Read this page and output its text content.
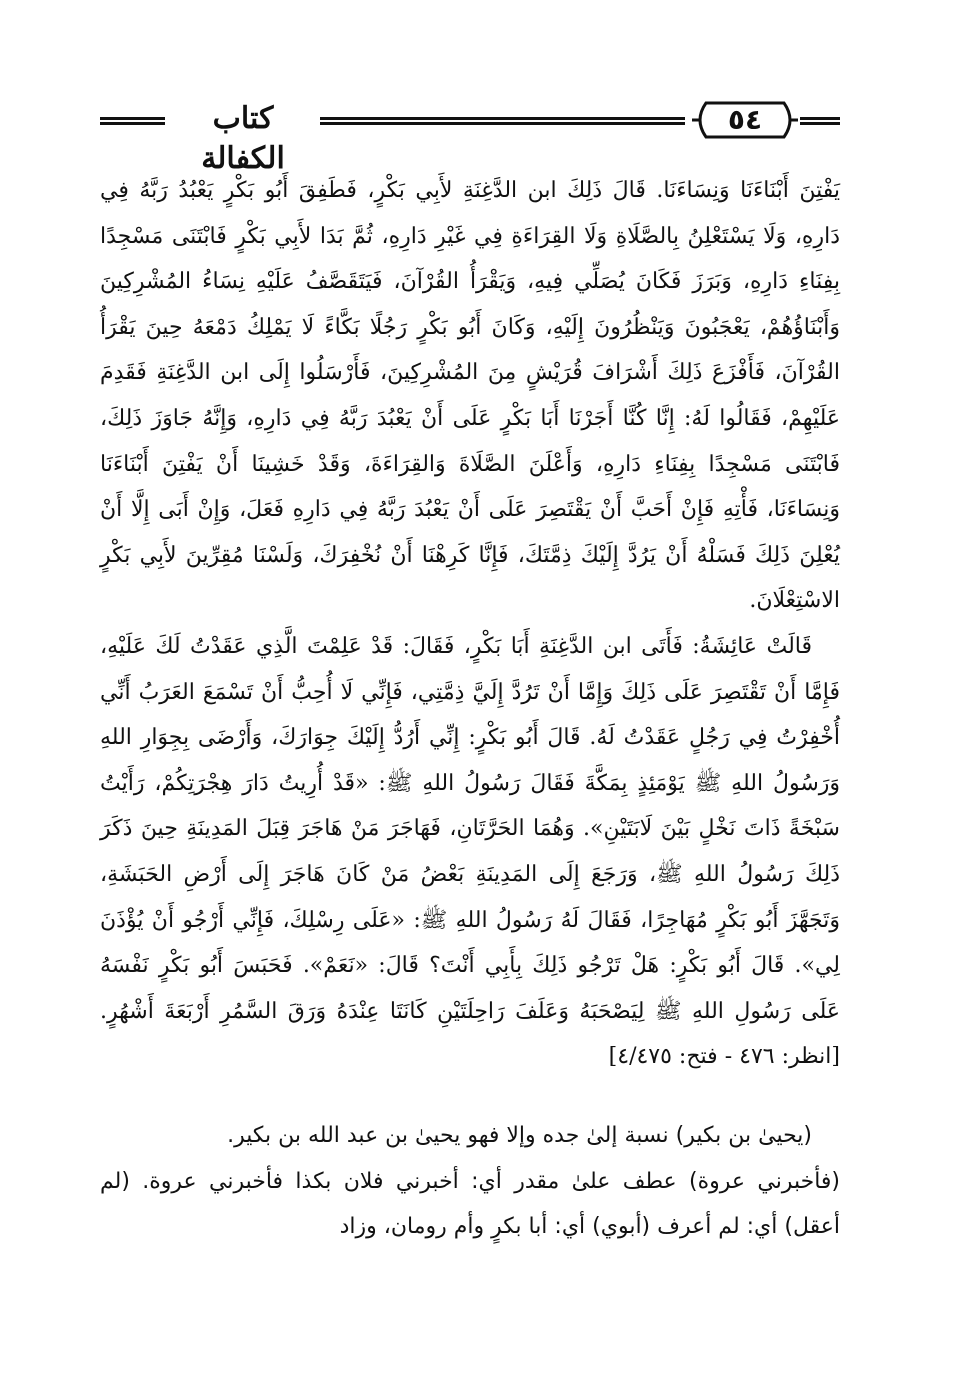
كتاب الكفالة
٥٤

يَفْتِنَ أَبْنَاءَنَا وَنِسَاءَنَا. قَالَ ذَلِكَ ابن الدَّغِنَةِ لأَبِي بَكْرٍ، فَطَفِقَ أَبُو بَكْرٍ يَعْبُدُ رَبَّهُ فِي دَارِهِ، وَلَا يَسْتَعْلِنُ بِالصَّلَاةِ وَلَا القِرَاءَةِ فِي غَيْرِ دَارِهِ، ثُمَّ بَدَا لأَبِي بَكْرٍ فَابْتَنَى مَسْجِدًا بِفِنَاءِ دَارِهِ، وَبَرَزَ فَكَانَ يُصَلِّي فِيهِ، وَيَقْرَأُ القُرْآنَ، فَيَتَقَصَّفُ عَلَيْهِ نِسَاءُ المُشْرِكِينَ وَأَبْنَاؤُهُمْ، يَعْجَبُونَ وَيَنْظُرُونَ إِلَيْهِ، وَكَانَ أَبُو بَكْرٍ رَجُلًا بَكَّاءً لَا يَمْلِكُ دَمْعَهُ حِينَ يَقْرَأُ القُرْآنَ، فَأَفْزَعَ ذَلِكَ أَشْرَافَ قُرَيْشٍ مِنَ المُشْرِكِينَ، فَأَرْسَلُوا إِلَى ابن الدَّغِنَةِ فَقَدِمَ عَلَيْهِمْ، فَقَالُوا لَهُ: إِنَّا كُنَّا أَجَرْنَا أَبَا بَكْرٍ عَلَى أَنْ يَعْبُدَ رَبَّهُ فِي دَارِهِ، وَإِنَّهُ جَاوَزَ ذَلِكَ، فَابْتَنَى مَسْجِدًا بِفِنَاءِ دَارِهِ، وَأَعْلَنَ الصَّلَاةَ وَالقِرَاءَةَ، وَقَدْ خَشِينَا أَنْ يَفْتِنَ أَبْنَاءَنَا وَنِسَاءَنَا، فَأْتِهِ فَإِنْ أَحَبَّ أَنْ يَقْتَصِرَ عَلَى أَنْ يَعْبُدَ رَبَّهُ فِي دَارِهِ فَعَلَ، وَإِنْ أَبَى إِلَّا أَنْ يُعْلِنَ ذَلِكَ فَسَلْهُ أَنْ يَرُدَّ إِلَيْكَ ذِمَّتَكَ، فَإِنَّا كَرِهْنَا أَنْ نُخْفِرَكَ، وَلَسْنَا مُقِرِّينَ لأَبِي بَكْرٍ الاسْتِعْلَانَ.

قَالَتْ عَائِشَةُ: فَأَتَى ابن الدَّغِنَةِ أَبَا بَكْرٍ، فَقَالَ: قَدْ عَلِمْتَ الَّذِي عَقَدْتُ لَكَ عَلَيْهِ، فَإِمَّا أَنْ تَقْتَصِرَ عَلَى ذَلِكَ وَإِمَّا أَنْ تَرُدَّ إِلَيَّ ذِمَّتِي، فَإِنِّي لَا أُحِبُّ أَنْ تَسْمَعَ العَرَبُ أَنِّي أُخْفِرْتُ فِي رَجُلٍ عَقَدْتُ لَهُ. قَالَ أَبُو بَكْرٍ: إِنِّي أَرُدُّ إِلَيْكَ جِوَارَكَ، وَأَرْضَى بِجِوَارِ اللهِ وَرَسُولُ اللهِ ﷺ يَوْمَئِذٍ بِمَكَّةَ فَقَالَ رَسُولُ اللهِ ﷺ: «قَدْ أُرِيتُ دَارَ هِجْرَتِكُمْ، رَأَيْتُ سَبْخَةً ذَاتَ نَخْلٍ بَيْنَ لَابَتَيْنِ». وَهُمَا الحَرَّتَانِ، فَهَاجَرَ مَنْ هَاجَرَ قِبَلَ المَدِينَةِ حِينَ ذَكَرَ ذَلِكَ رَسُولُ اللهِ ﷺ، وَرَجَعَ إِلَى المَدِينَةِ بَعْضُ مَنْ كَانَ هَاجَرَ إِلَى أَرْضِ الحَبَشَةِ، وَتَجَهَّزَ أَبُو بَكْرٍ مُهَاجِرًا، فَقَالَ لَهُ رَسُولُ اللهِ ﷺ: «عَلَى رِسْلِكَ، فَإِنِّي أَرْجُو أَنْ يُؤْذَنَ لِي». قَالَ أَبُو بَكْرٍ: هَلْ تَرْجُو ذَلِكَ بِأَبِي أَنْتَ؟ قَالَ: «نَعَمْ». فَحَبَسَ أَبُو بَكْرٍ نَفْسَهُ عَلَى رَسُولِ اللهِ ﷺ لِيَصْحَبَهُ وَعَلَفَ رَاحِلَتَيْنِ كَانَتَا عِنْدَهُ وَرَقَ السَّمُرِ أَرْبَعَةَ أَشْهُرٍ. [انظر: ٤٧٦ - فتح: ٤/٤٧٥]

(يحيىٰ بن بكير) نسبة إلىٰ جده وإلا فهو يحيىٰ بن عبد الله بن بكير.

(فأخبرني عروة) عطف علىٰ مقدر أي: أخبرني فلان بكذا فأخبرني عروة. (لم أعقل) أي: لم أعرف (أبوي) أي: أبا بكرٍ وأم رومان، وزاد
